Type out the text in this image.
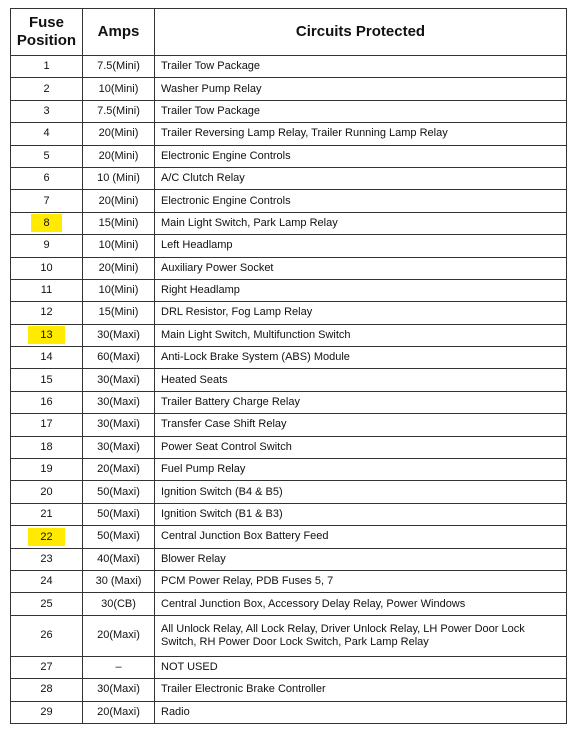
Fuse Position	Amps	Circuits Protected
1	7.5(Mini)	Trailer Tow Package
2	10(Mini)	Washer Pump Relay
3	7.5(Mini)	Trailer Tow Package
4	20(Mini)	Trailer Reversing Lamp Relay, Trailer Running Lamp Relay
5	20(Mini)	Electronic Engine Controls
6	10 (Mini)	A/C Clutch Relay
7	20(Mini)	Electronic Engine Controls
8	15(Mini)	Main Light Switch, Park Lamp Relay
9	10(Mini)	Left Headlamp
10	20(Mini)	Auxiliary Power Socket
11	10(Mini)	Right Headlamp
12	15(Mini)	DRL Resistor, Fog Lamp Relay
13	30(Maxi)	Main Light Switch, Multifunction Switch
14	60(Maxi)	Anti-Lock Brake System (ABS) Module
15	30(Maxi)	Heated Seats
16	30(Maxi)	Trailer Battery Charge Relay
17	30(Maxi)	Transfer Case Shift Relay
18	30(Maxi)	Power Seat Control Switch
19	20(Maxi)	Fuel Pump Relay
20	50(Maxi)	Ignition Switch (B4 & B5)
21	50(Maxi)	Ignition Switch (B1 & B3)
22	50(Maxi)	Central Junction Box Battery Feed
23	40(Maxi)	Blower Relay
24	30 (Maxi)	PCM Power Relay, PDB Fuses 5, 7
25	30(CB)	Central Junction Box, Accessory Delay Relay, Power Windows
26	20(Maxi)	All Unlock Relay, All Lock Relay, Driver Unlock Relay, LH Power Door Lock Switch, RH Power Door Lock Switch, Park Lamp Relay
27	–	NOT USED
28	30(Maxi)	Trailer Electronic Brake Controller
29	20(Maxi)	Radio
